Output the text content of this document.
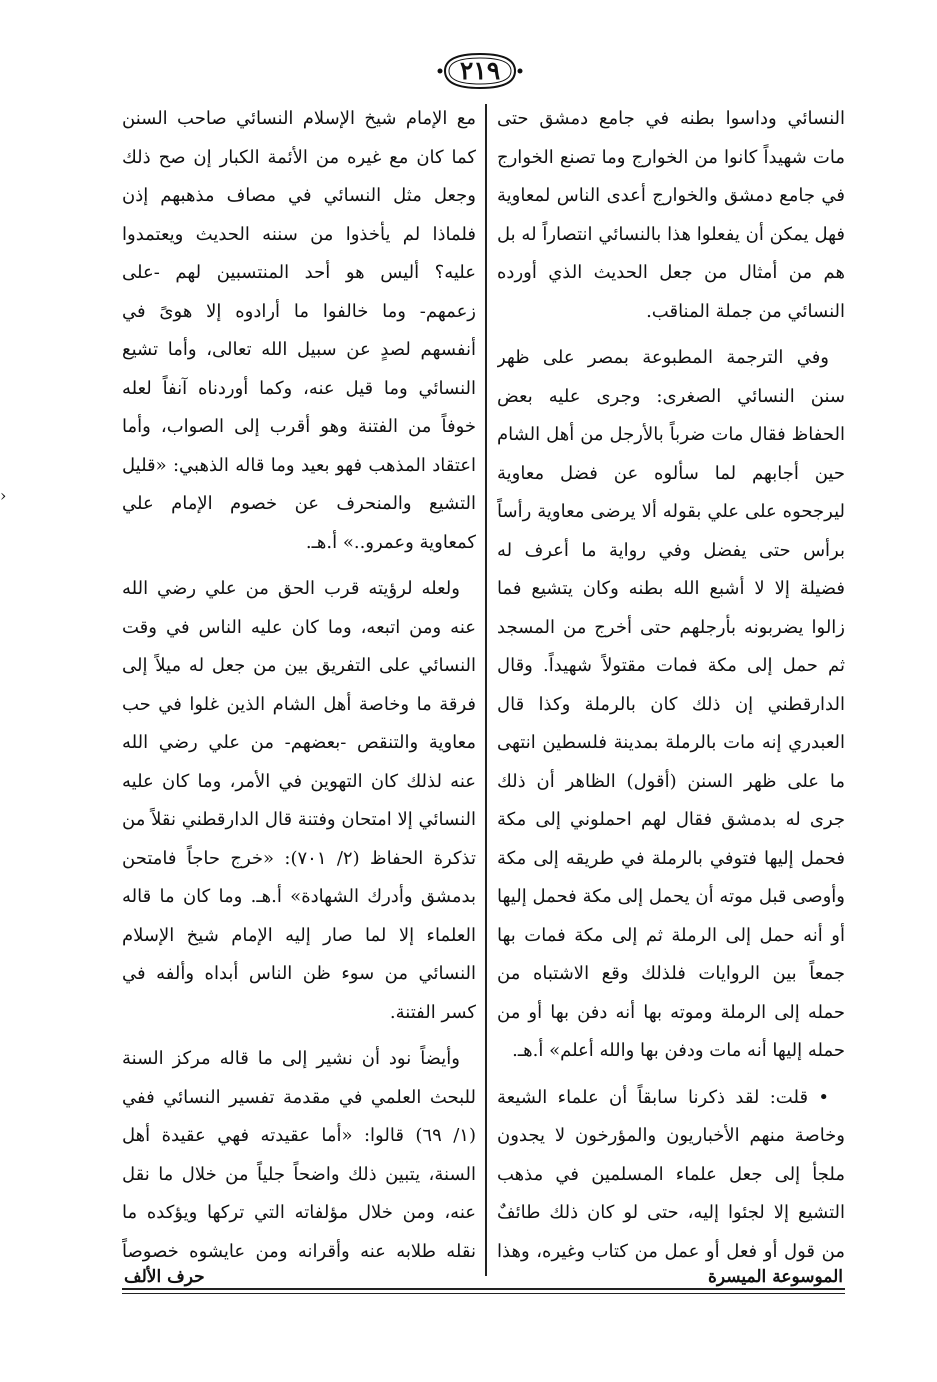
٢١٩

النسائي وداسوا بطنه في جامع دمشق حتى مات شهيداً كانوا من الخوارج وما تصنع الخوارج في جامع دمشق والخوارج أعدى الناس لمعاوية فهل يمكن أن يفعلوا هذا بالنسائي انتصاراً له بل هم من أمثال من جعل الحديث الذي أورده النسائي من جملة المناقب.

وفي الترجمة المطبوعة بمصر على ظهر سنن النسائي الصغرى: وجرى عليه بعض الحفاظ فقال مات ضرباً بالأرجل من أهل الشام حين أجابهم لما سألوه عن فضل معاوية ليرجحوه على علي بقوله ألا يرضى معاوية رأساً برأس حتى يفضل وفي رواية ما أعرف له فضيلة إلا لا أشبع الله بطنه وكان يتشيع فما زالوا يضربونه بأرجلهم حتى أخرج من المسجد ثم حمل إلى مكة فمات مقتولاً شهيداً. وقال الدارقطني إن ذلك كان بالرملة وكذا قال العبدري إنه مات بالرملة بمدينة فلسطين انتهى ما على ظهر السنن (أقول) الظاهر أن ذلك جرى له بدمشق فقال لهم احملوني إلى مكة فحمل إليها فتوفي بالرملة في طريقه إلى مكة وأوصى قبل موته أن يحمل إلى مكة فحمل إليها أو أنه حمل إلى الرملة ثم إلى مكة فمات بها جمعاً بين الروايات فلذلك وقع الاشتباه من حمله إلى الرملة وموته بها أنه دفن بها أو من حمله إليها أنه مات ودفن بها والله أعلم» أ.هـ.

• قلت: لقد ذكرنا سابقاً أن علماء الشيعة وخاصة منهم الأخباريون والمؤرخون لا يجدون ملجأ إلى جعل علماء المسلمين في مذهب التشيع إلا لجئوا إليه، حتى لو كان ذلك طائفٌ من قول أو فعل أو عمل من كتاب وغيره، وهذا

مع الإمام شيخ الإسلام النسائي صاحب السنن كما كان مع غيره من الأئمة الكبار إن صح ذلك وجعل مثل النسائي في مصاف مذهبهم إذن فلماذا لم يأخذوا من سننه الحديث ويعتمدوا عليه؟ أليس هو أحد المنتسبين لهم -على زعمهم- وما خالفوا ما أرادوه إلا هوىً في أنفسهم لصدٍ عن سبيل الله تعالى، وأما تشيع النسائي وما قيل عنه، وكما أوردناه آنفاً لعله خوفاً من الفتنة وهو أقرب إلى الصواب، وأما اعتقاد المذهب فهو بعيد وما قاله الذهبي: «قليل التشيع والمنحرف عن خصوم الإمام علي كمعاوية وعمرو..» أ.هـ.

ولعله لرؤيته قرب الحق من علي رضي الله عنه ومن اتبعه، وما كان عليه الناس في وقت النسائي على التفريق بين من جعل له ميلاً إلى فرقة ما وخاصة أهل الشام الذين غلوا في حب معاوية والتنقص -بعضهم- من علي رضي الله عنه لذلك كان التهوين في الأمر، وما كان عليه النسائي إلا امتحان وفتنة قال الدارقطني نقلاً من تذكرة الحفاظ (٢/ ٧٠١): «خرج حاجاً فامتحن بدمشق وأدرك الشهادة» أ.هـ. وما كان ما قاله العلماء إلا لما صار إليه الإمام شيخ الإسلام النسائي من سوء ظن الناس أبداه وألفه في كسر الفتنة.

وأيضاً نود أن نشير إلى ما قاله مركز السنة للبحث العلمي في مقدمة تفسير النسائي ففي (١/ ٦٩) قالوا: «أما عقيدته فهي عقيدة أهل السنة، يتبين ذلك واضحاً جلياً من خلال ما نقل عنه، ومن خلال مؤلفاته التي تركها ويؤكده ما نقله طلابه عنه وأقرانه ومن عايشوه خصوصاً

الموسوعة الميسرة
حرف الألف
‹
